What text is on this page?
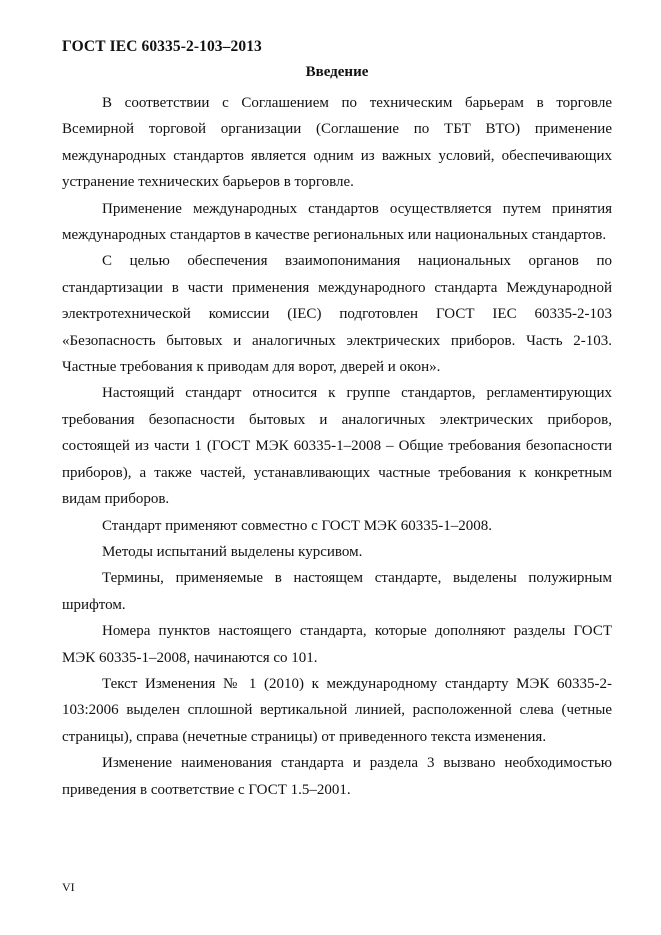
ГОСТ IEC 60335-2-103–2013
Введение

В соответствии с Соглашением по техническим барьерам в торговле Всемирной торговой организации (Соглашение по ТБТ ВТО) применение международных стандартов является одним из важных условий, обеспечивающих устранение технических барьеров в торговле.

Применение международных стандартов осуществляется путем принятия международных стандартов в качестве региональных или национальных стандартов.

С целью обеспечения взаимопонимания национальных органов по стандартизации в части применения международного стандарта Международной электротехнической комиссии (IEC) подготовлен ГОСТ IEC 60335-2-103 «Безопасность бытовых и аналогичных электрических приборов. Часть 2-103. Частные требования к приводам для ворот, дверей и окон».

Настоящий стандарт относится к группе стандартов, регламентирующих требования безопасности бытовых и аналогичных электрических приборов, состоящей из части 1 (ГОСТ МЭК 60335-1–2008 – Общие требования безопасности приборов), а также частей, устанавливающих частные требования к конкретным видам приборов.

Стандарт применяют совместно с ГОСТ МЭК 60335-1–2008.

Методы испытаний выделены курсивом.

Термины, применяемые в настоящем стандарте, выделены полужирным шрифтом.

Номера пунктов настоящего стандарта, которые дополняют разделы ГОСТ МЭК 60335-1–2008, начинаются со 101.

Текст Изменения № 1 (2010) к международному стандарту МЭК 60335-2-103:2006 выделен сплошной вертикальной линией, расположенной слева (четные страницы), справа (нечетные страницы) от приведенного текста изменения.

Изменение наименования стандарта и раздела 3 вызвано необходимостью приведения в соответствие с ГОСТ 1.5–2001.

VI
